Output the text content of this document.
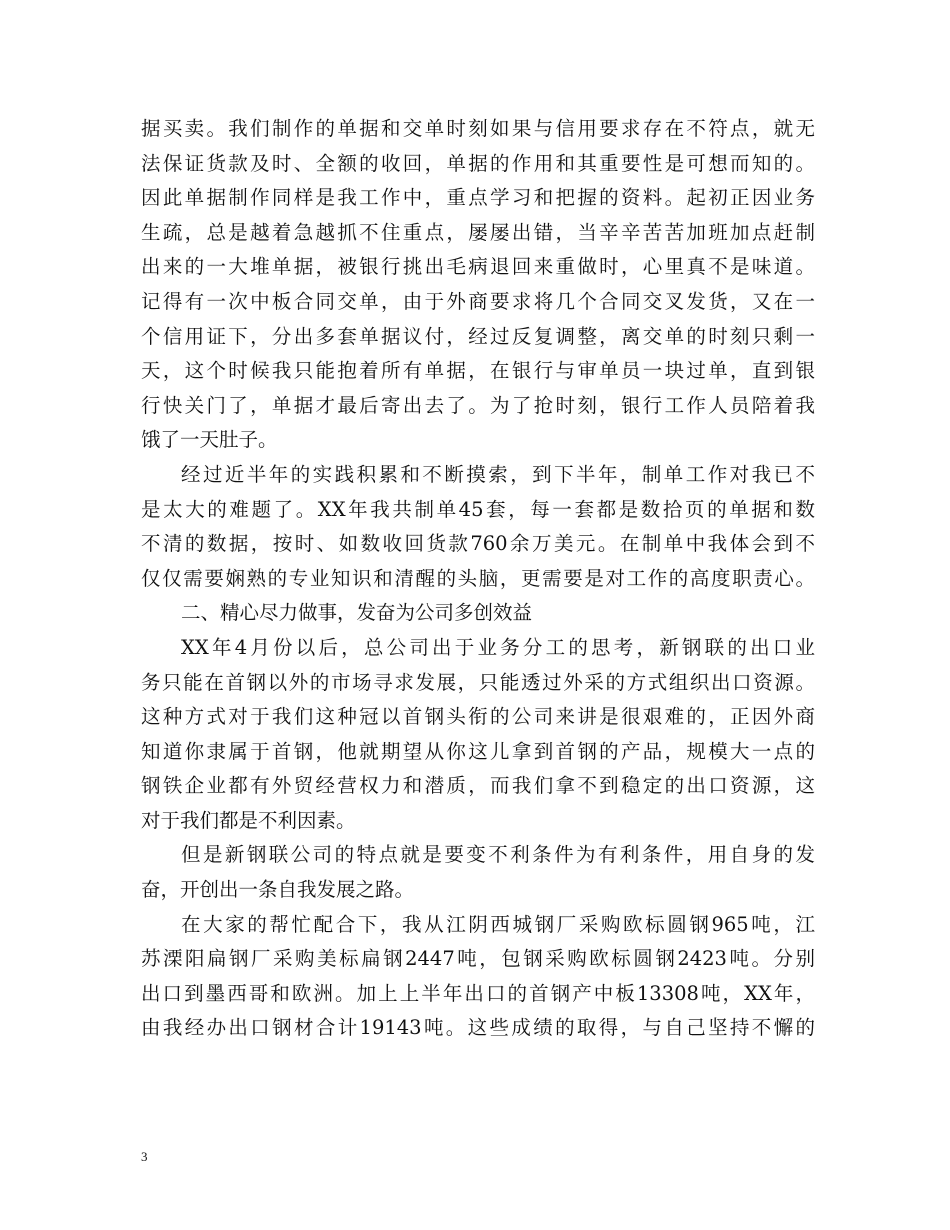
据买卖。我们制作的单据和交单时刻如果与信用要求存在不符点，就无
法保证货款及时、全额的收回，单据的作用和其重要性是可想而知的。
因此单据制作同样是我工作中，重点学习和把握的资料。起初正因业务
生疏，总是越着急越抓不住重点，屡屡出错，当辛辛苦苦加班加点赶制
出来的一大堆单据，被银行挑出毛病退回来重做时，心里真不是味道。
记得有一次中板合同交单，由于外商要求将几个合同交叉发货，又在一
个信用证下，分出多套单据议付，经过反复调整，离交单的时刻只剩一
天，这个时候我只能抱着所有单据，在银行与审单员一块过单，直到银
行快关门了，单据才最后寄出去了。为了抢时刻，银行工作人员陪着我
饿了一天肚子。
经过近半年的实践积累和不断摸索，到下半年，制单工作对我已不
是太大的难题了。XX年我共制单45套，每一套都是数拾页的单据和数
不清的数据，按时、如数收回货款760余万美元。在制单中我体会到不
仅仅需要娴熟的专业知识和清醒的头脑，更需要是对工作的高度职责心。
二、精心尽力做事，发奋为公司多创效益
XX年4月份以后，总公司出于业务分工的思考，新钢联的出口业
务只能在首钢以外的市场寻求发展，只能透过外采的方式组织出口资源。
这种方式对于我们这种冠以首钢头衔的公司来讲是很艰难的，正因外商
知道你隶属于首钢，他就期望从你这儿拿到首钢的产品，规模大一点的
钢铁企业都有外贸经营权力和潜质，而我们拿不到稳定的出口资源，这
对于我们都是不利因素。
但是新钢联公司的特点就是要变不利条件为有利条件，用自身的发
奋，开创出一条自我发展之路。
在大家的帮忙配合下，我从江阴西城钢厂采购欧标圆钢965吨，江
苏溧阳扁钢厂采购美标扁钢2447吨，包钢采购欧标圆钢2423吨。分别
出口到墨西哥和欧洲。加上上半年出口的首钢产中板13308吨，XX年，
由我经办出口钢材合计19143吨。这些成绩的取得，与自己坚持不懈的
3
